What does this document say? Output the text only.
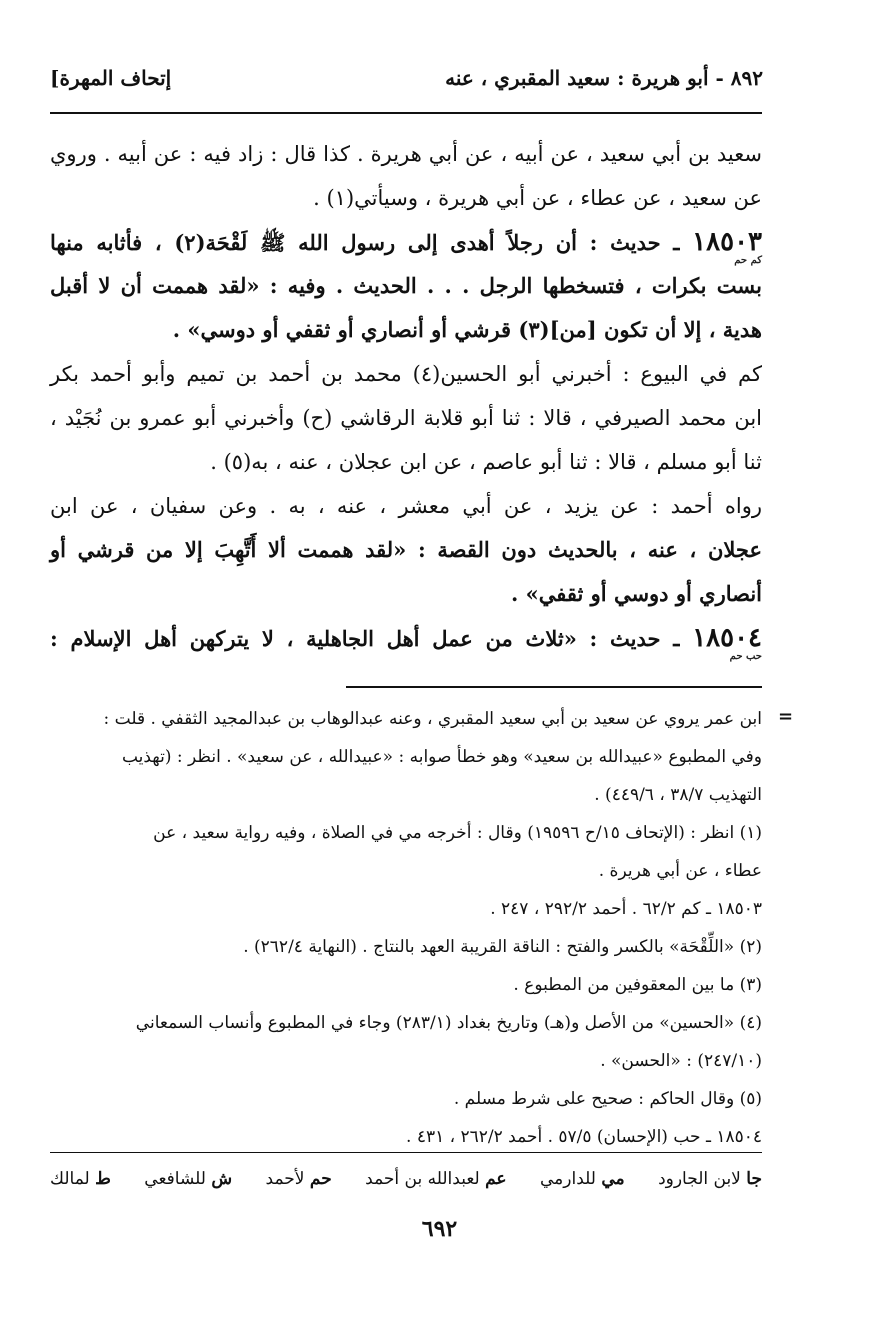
[إتحاف المهرة	٨٩٢ - أبو هريرة : سعيد المقبري ، عنه
سعيد بن أبي سعيد ، عن أبيه ، عن أبي هريرة . كذا قال : زاد فيه : عن أبيه . وروي
عن سعيد ، عن عطاء ، عن أبي هريرة ، وسيأتي(١) .
١٨٥٠٣ ـ حديث : أن رجلاً أهدى إلى رسول الله ﷺ لَقْحَة(٢) ، فأثابه منها
كم حم
بست بكرات ، فتسخطها الرجل . . . الحديث . وفيه : «لقد هممت أن لا أقبل
هدية ، إلا أن تكون [من](٣) قرشي أو أنصاري أو ثقفي أو دوسي» .
كم في البيوع : أخبرني أبو الحسين(٤) محمد بن أحمد بن تميم وأبو أحمد بكر
ابن محمد الصيرفي ، قالا : ثنا أبو قلابة الرقاشي (ح) وأخبرني أبو عمرو بن نُجَيْد ،
ثنا أبو مسلم ، قالا : ثنا أبو عاصم ، عن ابن عجلان ، عنه ، به(٥) .
رواه أحمد : عن يزيد ، عن أبي معشر ، عنه ، به . وعن سفيان ، عن ابن
عجلان ، عنه ، بالحديث دون القصة : «لقد هممت ألا أَتَّهِبَ إلا من قرشي أو
أنصاري أو دوسي أو ثقفي» .
١٨٥٠٤ ـ حديث : «ثلاث من عمل أهل الجاهلية ، لا يتركهن أهل الإسلام :
حب حم
=
ابن عمر يروي عن سعيد بن أبي سعيد المقبري ، وعنه عبدالوهاب بن عبدالمجيد الثقفي . قلت :
وفي المطبوع «عبيدالله بن سعيد» وهو خطأ صوابه : «عبيدالله ، عن سعيد» . انظر : (تهذيب
التهذيب ٣٨/٧ ، ٤٤٩/٦) .
(١) انظر : (الإتحاف ١٥/ح ١٩٥٩٦) وقال : أخرجه مي في الصلاة ، وفيه رواية سعيد ، عن
عطاء ، عن أبي هريرة .
١٨٥٠٣ ـ كم ٦٢/٢ . أحمد ٢٩٢/٢ ، ٢٤٧ .
(٢) «اللِّقْحَة» بالكسر والفتح : الناقة القريبة العهد بالنتاج . (النهاية ٢٦٢/٤) .
(٣) ما بين المعقوفين من المطبوع .
(٤) «الحسين» من الأصل و(هـ) وتاريخ بغداد (٢٨٣/١) وجاء في المطبوع وأنساب السمعاني
(٢٤٧/١٠) : «الحسن» .
(٥) وقال الحاكم : صحيح على شرط مسلم .
١٨٥٠٤ ـ حب (الإحسان) ٥٧/٥ . أحمد ٢٦٢/٢ ، ٤٣١ .
ط لمالك	ش للشافعي	حم لأحمد	عم لعبدالله بن أحمد	مي للدارمي	جا لابن الجارود
٦٩٢
